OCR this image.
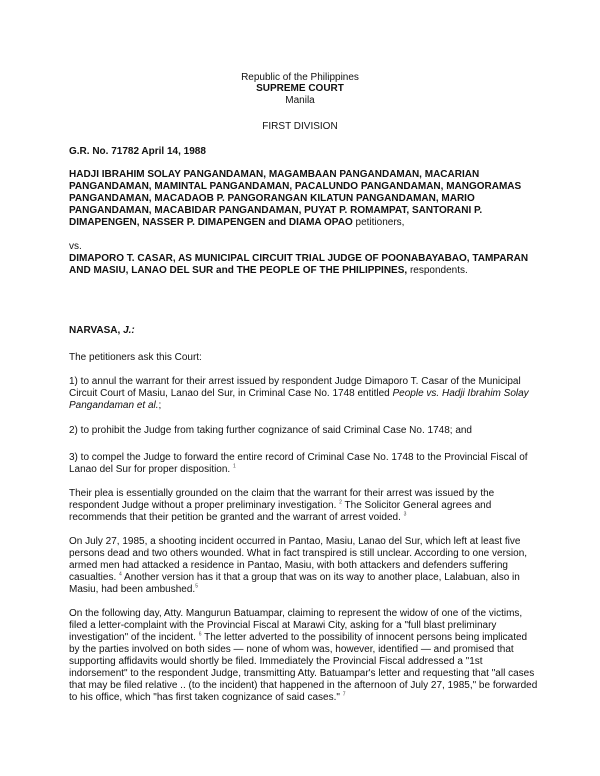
Republic of the Philippines
SUPREME COURT
Manila
FIRST DIVISION
G.R. No. 71782 April 14, 1988
HADJI IBRAHIM SOLAY PANGANDAMAN, MAGAMBAAN PANGANDAMAN, MACARIAN PANGANDAMAN, MAMINTAL PANGANDAMAN, PACALUNDO PANGANDAMAN, MANGORAMAS PANGANDAMAN, MACADAOB P. PANGORANGAN KILATUN PANGANDAMAN, MARIO PANGANDAMAN, MACABIDAR PANGANDAMAN, PUYAT P. ROMAMPAT, SANTORANI P. DIMAPENGEN, NASSER P. DIMAPENGEN and DIAMA OPAO petitioners,
vs.
DIMAPORO T. CASAR, AS MUNICIPAL CIRCUIT TRIAL JUDGE OF POONABAYABAO, TAMPARAN AND MASIU, LANAO DEL SUR and THE PEOPLE OF THE PHILIPPINES, respondents.
NARVASA, J.:
The petitioners ask this Court:
1) to annul the warrant for their arrest issued by respondent Judge Dimaporo T. Casar of the Municipal Circuit Court of Masiu, Lanao del Sur, in Criminal Case No. 1748 entitled People vs. Hadji Ibrahim Solay Pangandaman et al.;
2) to prohibit the Judge from taking further cognizance of said Criminal Case No. 1748; and
3) to compel the Judge to forward the entire record of Criminal Case No. 1748 to the Provincial Fiscal of Lanao del Sur for proper disposition. $^1$
Their plea is essentially grounded on the claim that the warrant for their arrest was issued by the respondent Judge without a proper preliminary investigation. $^2$ The Solicitor General agrees and recommends that their petition be granted and the warrant of arrest voided. $^3$
On July 27, 1985, a shooting incident occurred in Pantao, Masiu, Lanao del Sur, which left at least five persons dead and two others wounded. What in fact transpired is still unclear. According to one version, armed men had attacked a residence in Pantao, Masiu, with both attackers and defenders suffering casualties. $^4$ Another version has it that a group that was on its way to another place, Lalabuan, also in Masiu, had been ambushed.$^5$
On the following day, Atty. Mangurun Batuampar, claiming to represent the widow of one of the victims, filed a letter-complaint with the Provincial Fiscal at Marawi City, asking for a "full blast preliminary investigation" of the incident. $^6$ The letter adverted to the possibility of innocent persons being implicated by the parties involved on both sides — none of whom was, however, identified — and promised that supporting affidavits would shortly be filed. Immediately the Provincial Fiscal addressed a "1st indorsement" to the respondent Judge, transmitting Atty. Batuampar's letter and requesting that "all cases that may be filed relative .. (to the incident) that happened in the afternoon of July 27, 1985," be forwarded to his office, which "has first taken cognizance of said cases." $^7$
